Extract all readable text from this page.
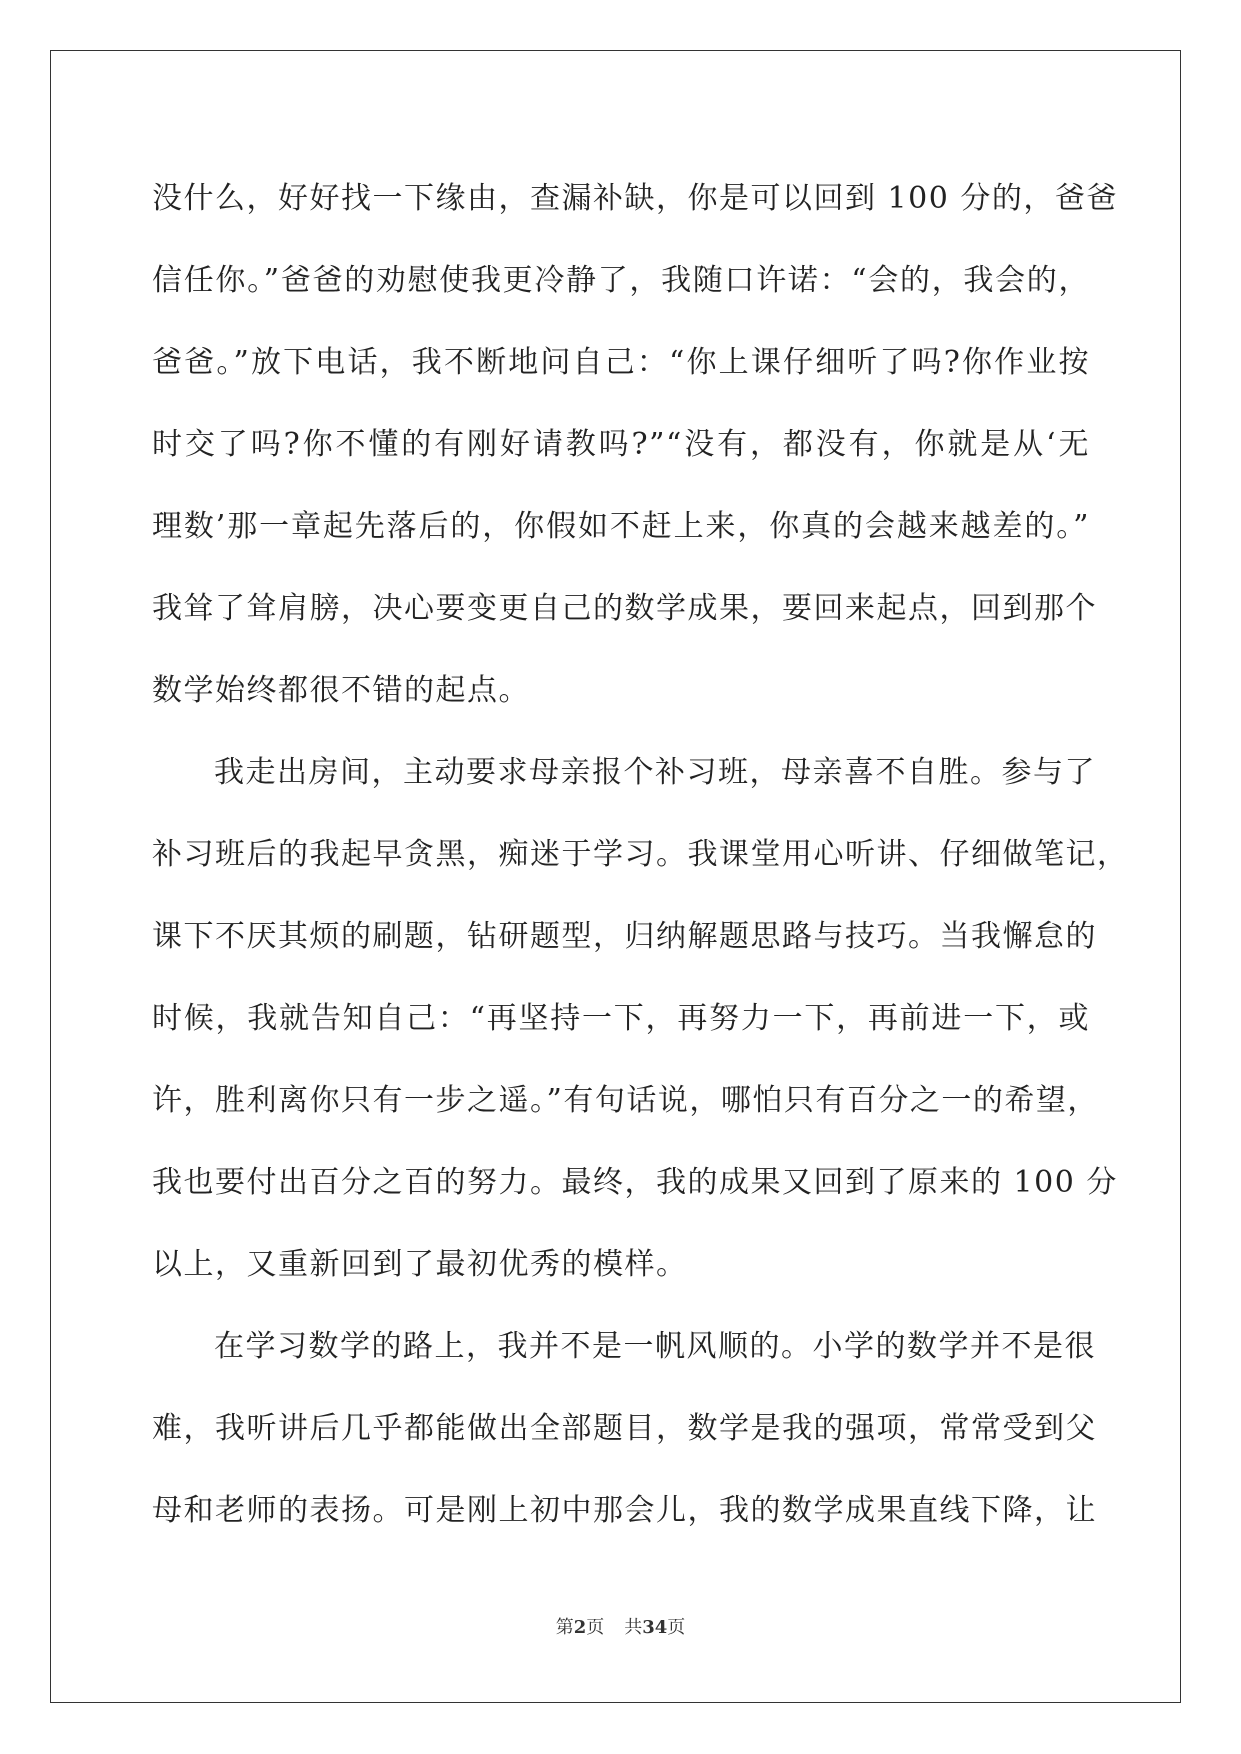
没什么，好好找一下缘由，查漏补缺，你是可以回到 100 分的，爸爸
信任你。”爸爸的劝慰使我更冷静了，我随口许诺：“会的，我会的，
爸爸。”放下电话，我不断地问自己：“你上课仔细听了吗?你作业按
时交了吗?你不懂的有刚好请教吗?”“没有，都没有，你就是从‘无
理数’那一章起先落后的，你假如不赶上来，你真的会越来越差的。”
我耸了耸肩膀，决心要变更自己的数学成果，要回来起点，回到那个
数学始终都很不错的起点。
我走出房间，主动要求母亲报个补习班，母亲喜不自胜。参与了
补习班后的我起早贪黑，痴迷于学习。我课堂用心听讲、仔细做笔记，
课下不厌其烦的刷题，钻研题型，归纳解题思路与技巧。当我懈怠的
时候，我就告知自己：“再坚持一下，再努力一下，再前进一下，或
许，胜利离你只有一步之遥。”有句话说，哪怕只有百分之一的希望，
我也要付出百分之百的努力。最终，我的成果又回到了原来的 100 分
以上，又重新回到了最初优秀的模样。
在学习数学的路上，我并不是一帆风顺的。小学的数学并不是很
难，我听讲后几乎都能做出全部题目，数学是我的强项，常常受到父
母和老师的表扬。可是刚上初中那会儿，我的数学成果直线下降，让
第2页 共34页
